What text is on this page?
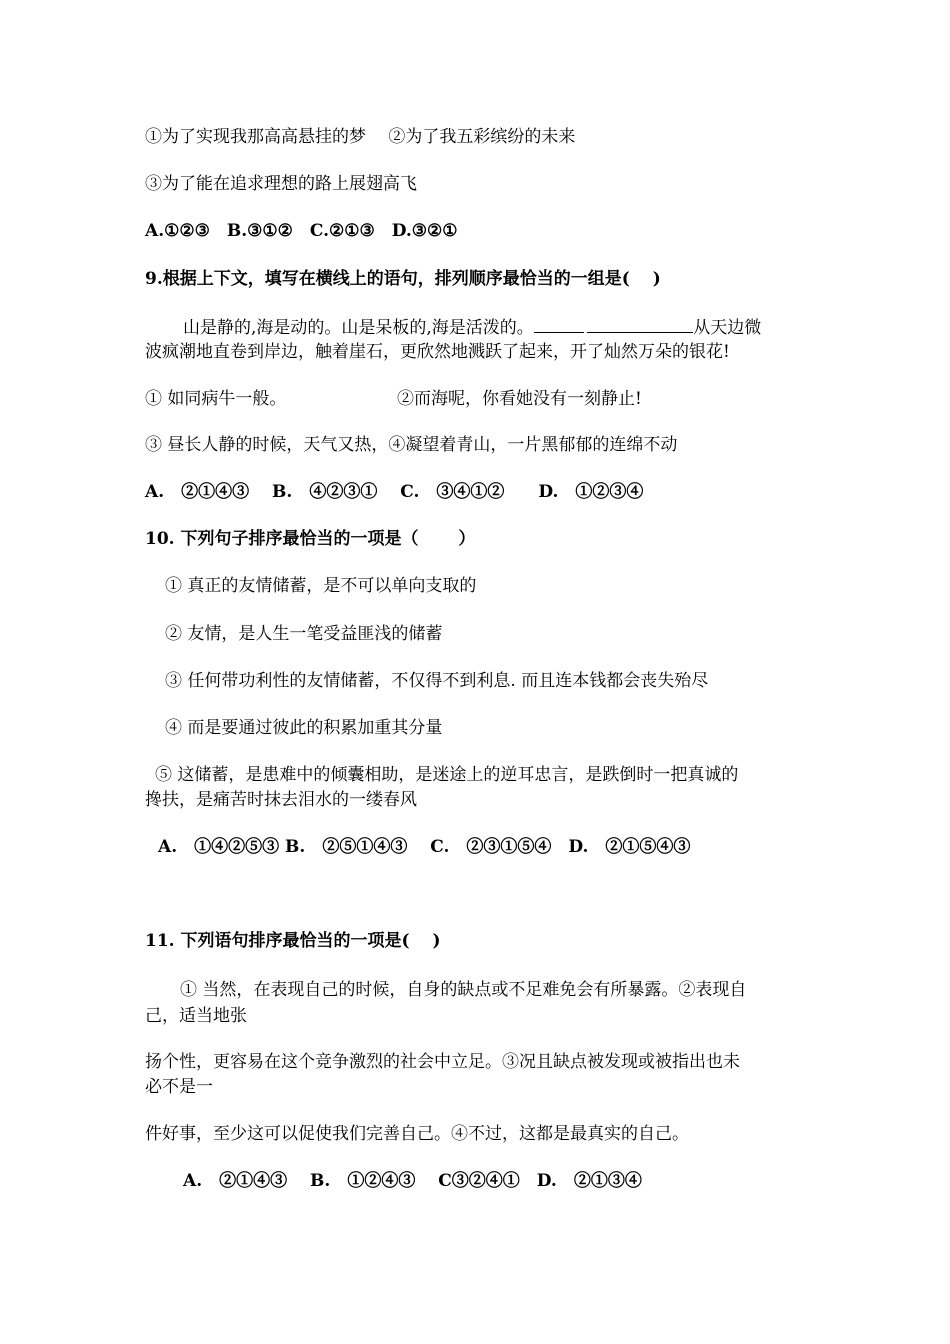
①为了实现我那高高悬挂的梦　 ②为了我五彩缤纷的未来
③为了能在追求理想的路上展翅高飞
A.①②③　B.③①②　C.②①③　D.③②①
9.根据上下文，填写在横线上的语句，排列顺序最恰当的一组是(　 )
山是静的,海是动的。山是呆板的,海是活泼的。 	从天边微
波疯潮地直卷到岸边，触着崖石，更欣然地溅跃了起来，开了灿然万朵的银花!
① 如同病牛一般。	②而海呢，你看她没有一刻静止!
③ 昼长人静的时候，天气又热，④凝望着青山，一片黑郁郁的连绵不动
A.　②①④③　 B.　④②③①　 C.　③④①②　　D.　①②③④
10. 下列句子排序最恰当的一项是（　　 ）
① 真正的友情储蓄，是不可以单向支取的
② 友情，是人生一笔受益匪浅的储蓄
③ 任何带功利性的友情储蓄，不仅得不到利息. 而且连本钱都会丧失殆尽
④ 而是要通过彼此的积累加重其分量
⑤ 这储蓄，是患难中的倾囊相助，是迷途上的逆耳忠言，是跌倒时一把真诚的
搀扶，是痛苦时抹去泪水的一缕春风
A.　①④②⑤③ B.　②⑤①④③　 C.　②③①⑤④　D.　②①⑤④③
11. 下列语句排序最恰当的一项是(　 )
① 当然，在表现自己的时候，自身的缺点或不足难免会有所暴露。②表现自
己，适当地张
扬个性，更容易在这个竞争激烈的社会中立足。③况且缺点被发现或被指出也未
必不是一
件好事，至少这可以促使我们完善自己。④不过，这都是最真实的自己。
A.　②①④③　 B.　①②④③　 C③②④①　D.　②①③④
